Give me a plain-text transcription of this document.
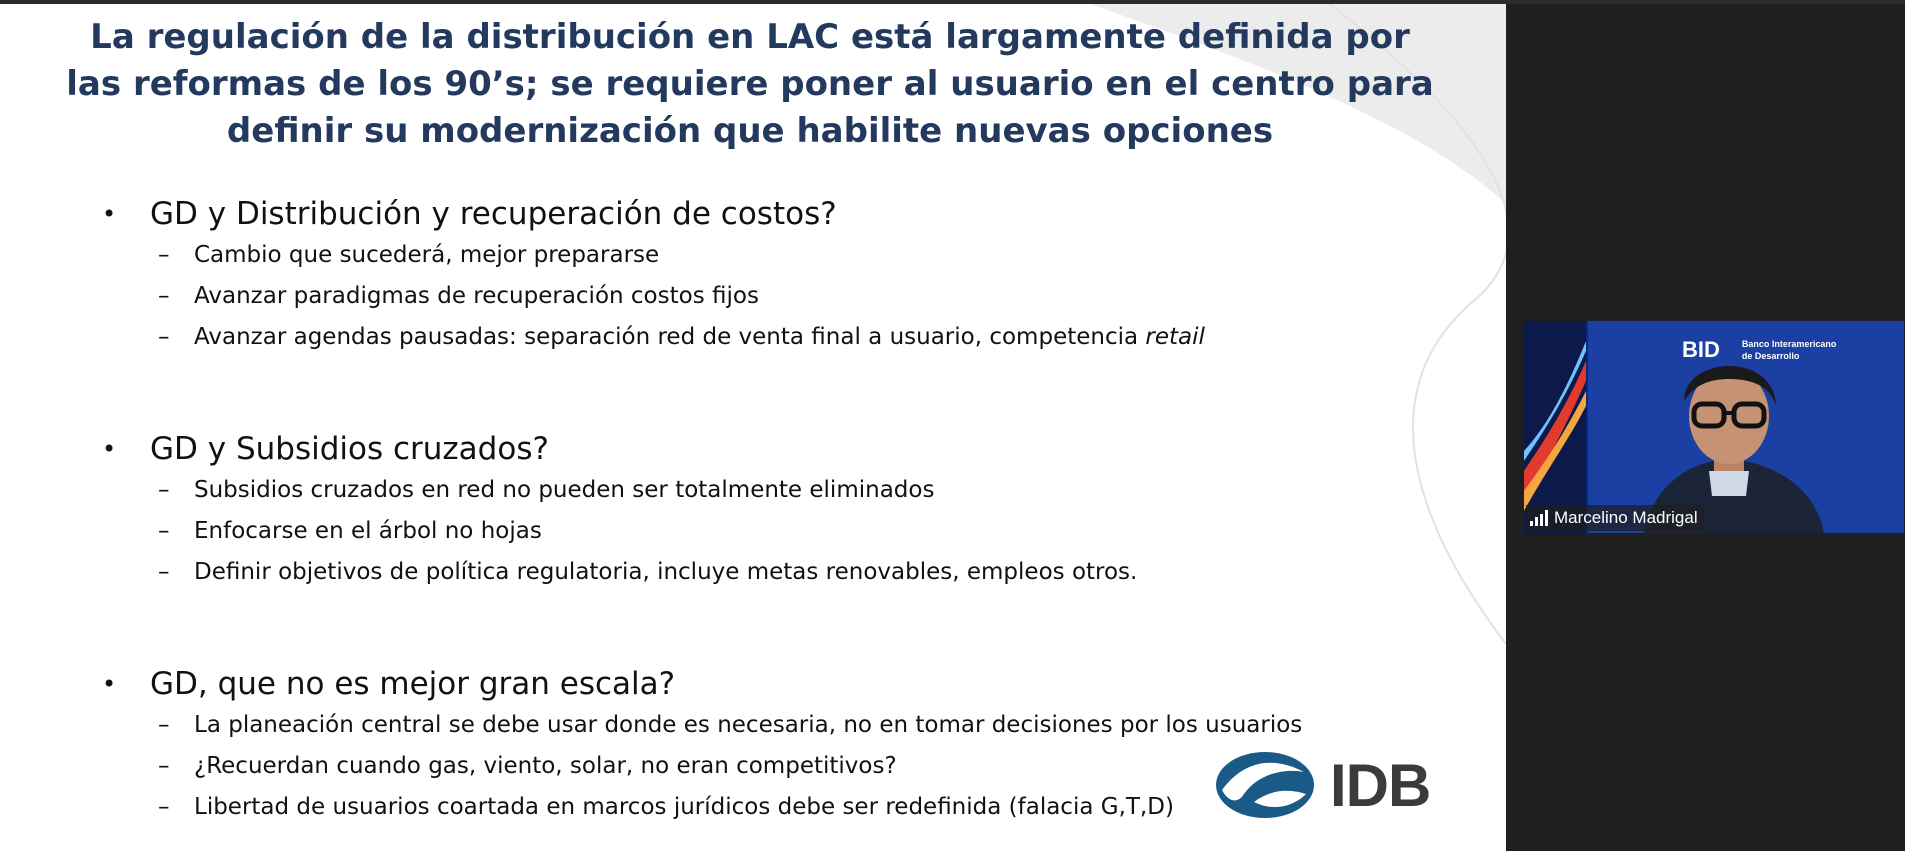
La regulación de la distribución en LAC está largamente definida por las reformas de los 90’s; se requiere poner al usuario en el centro para definir su modernización que habilite nuevas opciones
•	GD y Distribución y recuperación de costos?
–	Cambio que sucederá, mejor prepararse
–	Avanzar paradigmas de recuperación costos fijos
–	Avanzar agendas pausadas: separación red de venta final a usuario, competencia retail
•	GD y Subsidios cruzados?
–	Subsidios cruzados en red no pueden ser totalmente eliminados
–	Enfocarse en el árbol no hojas
–	Definir objetivos de política regulatoria, incluye metas renovables, empleos otros.
•	GD, que no es mejor gran escala?
–	La planeación central se debe usar donde es necesaria, no en tomar decisiones por los usuarios
–	¿Recuerdan cuando gas, viento, solar, no eran competitivos?
–	Libertad de usuarios coartada en marcos jurídicos debe ser redefinida (falacia G,T,D)	IDB
BID Banco Interamericano
de Desarrollo
Marcelino Madrigal
